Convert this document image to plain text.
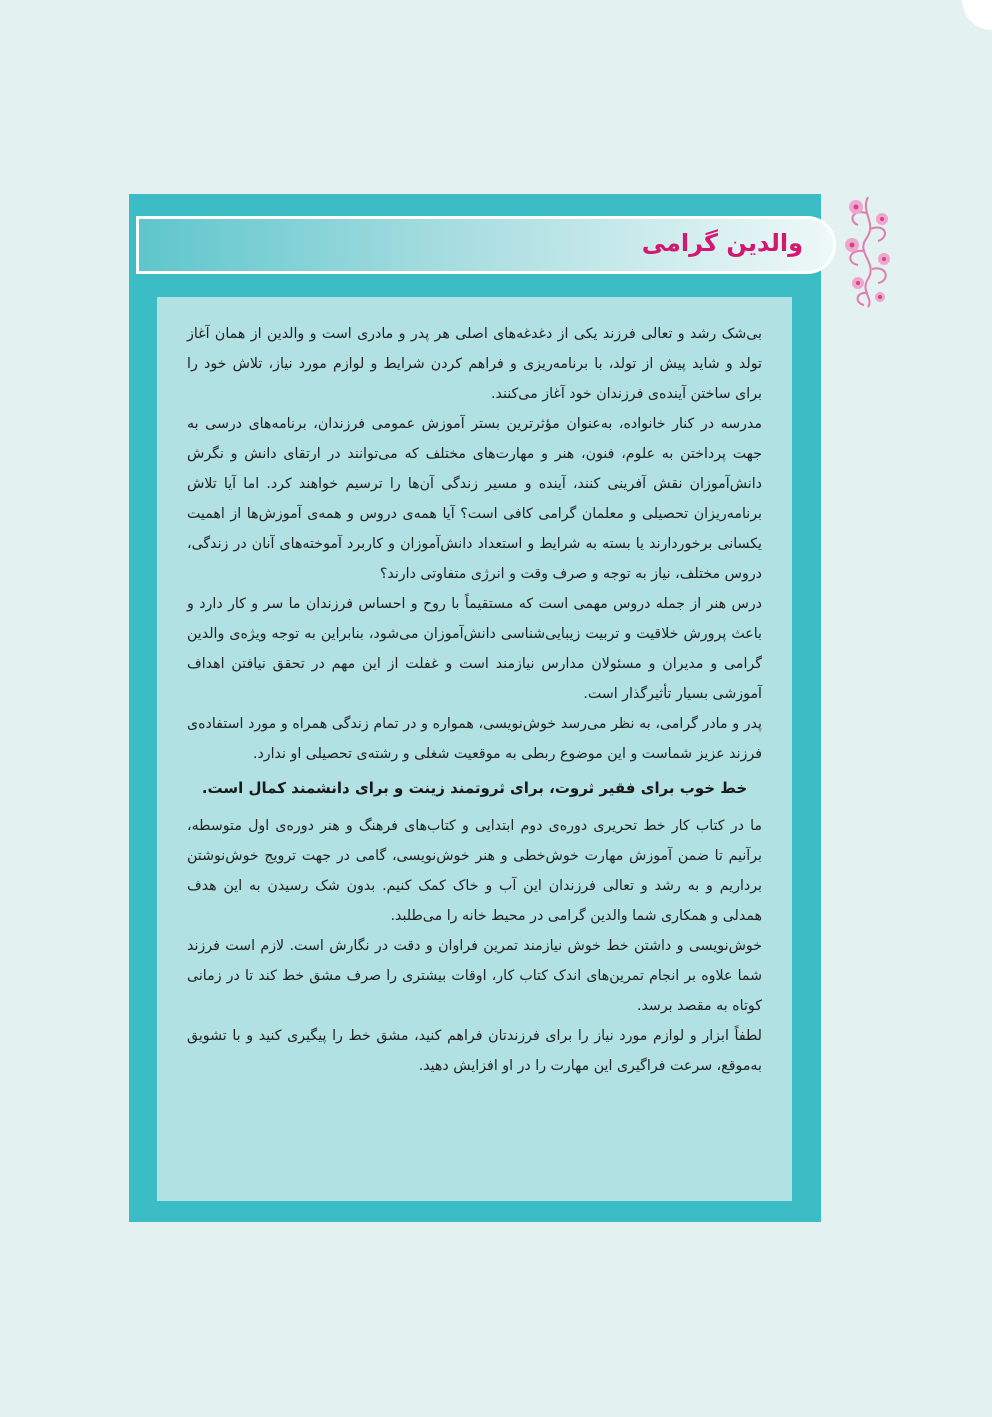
والدین گرامی

بی‌شک رشد و تعالی فرزند یکی از دغدغه‌های اصلی هر پدر و مادری است و والدین از همان آغاز تولد و شاید پیش از تولد، با برنامه‌ریزی و فراهم کردن شرایط و لوازم مورد نیاز، تلاش خود را برای ساختن آینده‌ی فرزندان خود آغاز می‌کنند.

مدرسه در کنار خانواده، به‌عنوان مؤثرترین بستر آموزش عمومی فرزندان، برنامه‌های درسی به جهت پرداختن به علوم، فنون، هنر و مهارت‌های مختلف که می‌توانند در ارتقای دانش و نگرش دانش‌آموزان نقش آفرینی کنند، آینده و مسیر زندگی آن‌ها را ترسیم خواهند کرد. اما آیا تلاش برنامه‌ریزان تحصیلی و معلمان گرامی کافی است؟ آیا همه‌ی دروس و همه‌ی آموزش‌ها از اهمیت یکسانی برخوردارند یا بسته به شرایط و استعداد دانش‌آموزان و کاربرد آموخته‌های آنان در زندگی، دروس مختلف، نیاز به توجه و صرف وقت و انرژی متفاوتی دارند؟

درس هنر از جمله دروس مهمی است که مستقیماً با روح و احساس فرزندان ما سر و کار دارد و باعث پرورش خلاقیت و تربیت زیبایی‌شناسی دانش‌آموزان می‌شود، بنابراین به توجه ویژه‌ی والدین گرامی و مدیران و مسئولان مدارس نیازمند است و غفلت از این مهم در تحقق نیافتن اهداف آموزشی بسیار تأثیرگذار است.

پدر و مادر گرامی، به نظر می‌رسد خوش‌نویسی، همواره و در تمام زندگی همراه و مورد استفاده‌ی فرزند عزیز شماست و این موضوع ربطی به موقعیت شغلی و رشته‌ی تحصیلی او ندارد.

خط خوب برای فقیر ثروت، برای ثروتمند زینت و برای دانشمند کمال است.

ما در کتاب کار خط تحریری دوره‌ی دوم ابتدایی و کتاب‌های فرهنگ و هنر دوره‌ی اول متوسطه، برآنیم تا ضمن آموزش مهارت خوش‌خطی و هنر خوش‌نویسی، گامی در جهت ترویج خوش‌نوشتن برداریم و به رشد و تعالی فرزندان این آب و خاک کمک کنیم. بدون شک رسیدن به این هدف همدلی و همکاری شما والدین گرامی در محیط خانه را می‌طلبد.

خوش‌نویسی و داشتن خط خوش نیازمند تمرین فراوان و دقت در نگارش است. لازم است فرزند شما علاوه بر انجام تمرین‌های اندک کتاب کار، اوقات بیشتری را صرف مشق خط کند تا در زمانی کوتاه به مقصد برسد.

لطفاً ابزار و لوازم مورد نیاز را برای فرزندتان فراهم کنید، مشق خط را پیگیری کنید و با تشویق به‌موقع، سرعت فراگیری این مهارت را در او افزایش دهید.
